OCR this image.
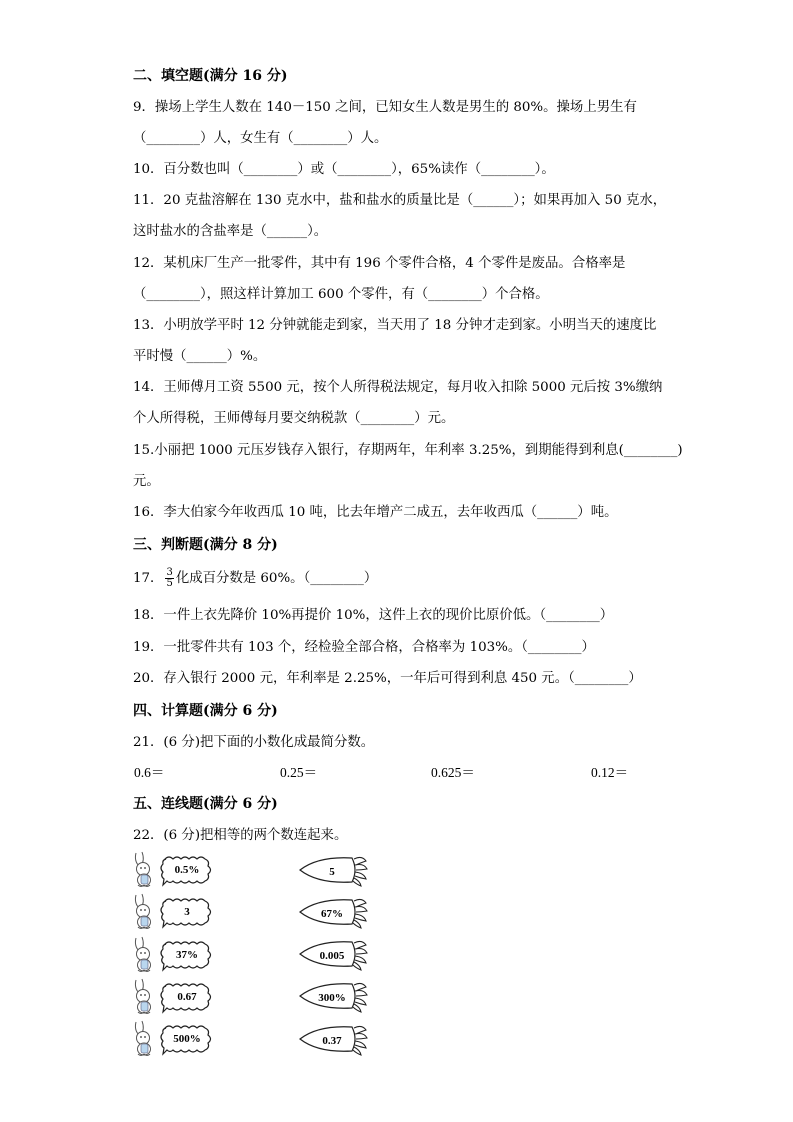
二、填空题(满分 16 分)
9．操场上学生人数在 140－150 之间，已知女生人数是男生的 80%。操场上男生有
（________）人，女生有（________）人。
10．百分数也叫（________）或（________），65%读作（________）。
11．20 克盐溶解在 130 克水中，盐和盐水的质量比是（______）；如果再加入 50 克水，
这时盐水的含盐率是（______）。
12．某机床厂生产一批零件，其中有 196 个零件合格，4 个零件是废品。合格率是
（________），照这样计算加工 600 个零件，有（________）个合格。
13．小明放学平时 12 分钟就能走到家，当天用了 18 分钟才走到家。小明当天的速度比
平时慢（______）%。
14．王师傅月工资 5500 元，按个人所得税法规定，每月收入扣除 5000 元后按 3%缴纳
个人所得税，王师傅每月要交纳税款（________）元。
15.小丽把 1000 元压岁钱存入银行，存期两年，年利率 3.25%，到期能得到利息(________)
元。
16．李大伯家今年收西瓜 10 吨，比去年增产二成五，去年收西瓜（______）吨。
三、判断题(满分 8 分)
17． $\frac{3}{5}$ 化成百分数是 60%。（________）
18．一件上衣先降价 10%再提价 10%，这件上衣的现价比原价低。（________）
19．一批零件共有 103 个，经检验全部合格，合格率为 103%。（________）
20．存入银行 2000 元，年利率是 2.25%，一年后可得到利息 450 元。（________）
四、计算题(满分 6 分)
21．(6 分)把下面的小数化成最简分数。
0.6＝	0.25＝	0.625＝	0.12＝
五、连线题(满分 6 分)
22．(6 分)把相等的两个数连起来。
0.5%
3
37%
0.67
500%
5
67%
0.005
300%
0.37
